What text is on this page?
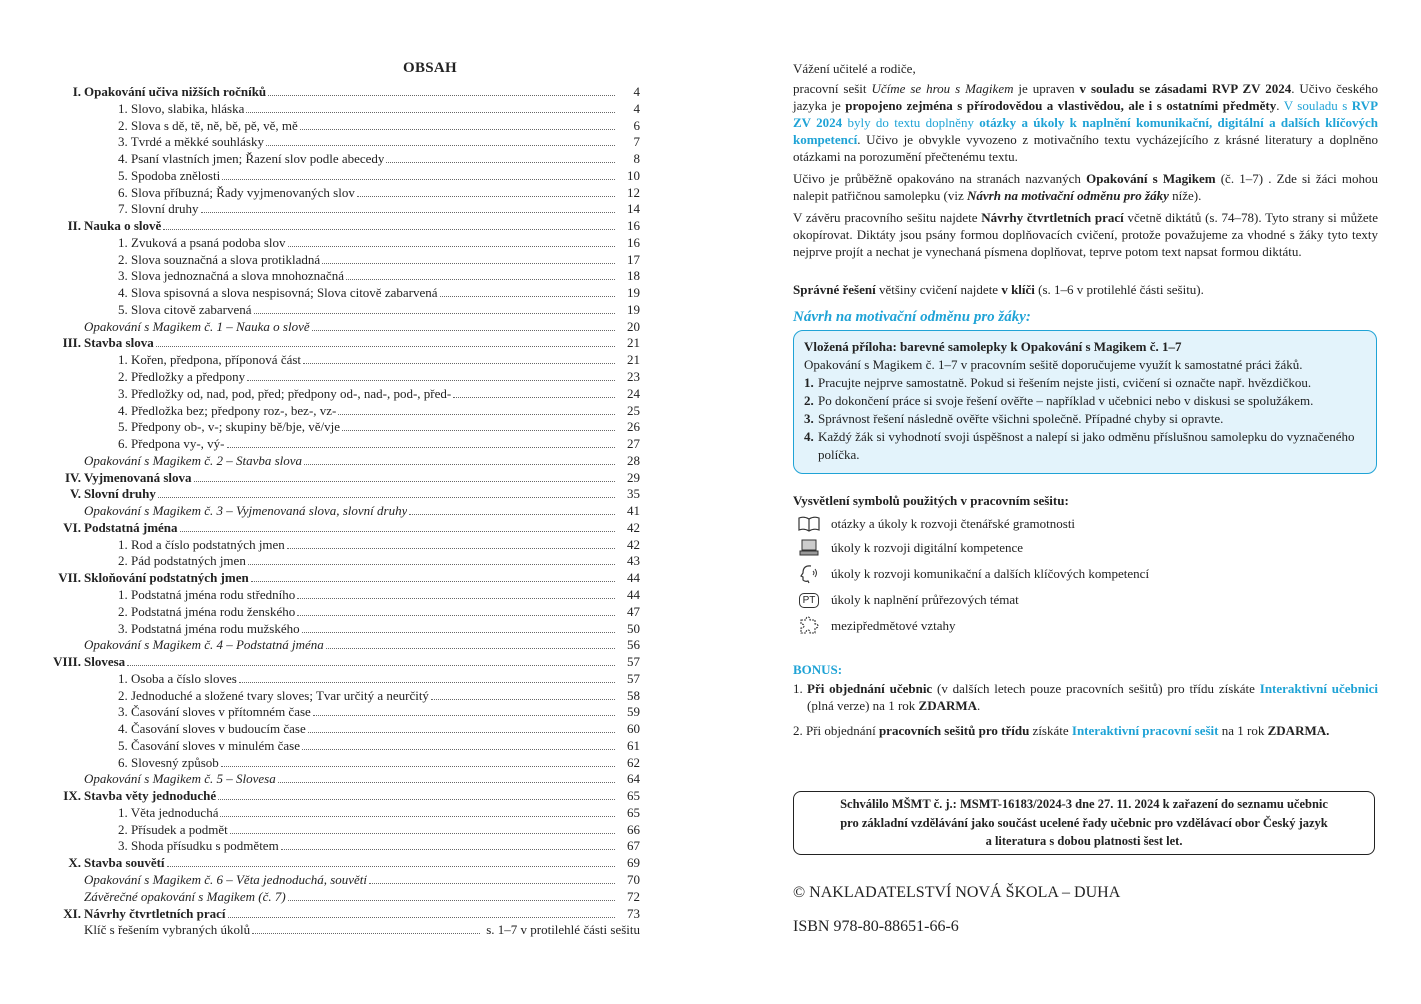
OBSAH
I. Opakování učiva nižších ročníků	4
1. Slovo, slabika, hláska	4
2. Slova s dě, tě, ně, bě, pě, vě, mě	6
3. Tvrdé a měkké souhlásky	7
4. Psaní vlastních jmen; Řazení slov podle abecedy	8
5. Spodoba znělosti	10
6. Slova příbuzná; Řady vyjmenovaných slov	12
7. Slovní druhy	14
II. Nauka o slově	16
1. Zvuková a psaná podoba slov	16
2. Slova souznačná a slova protikladná	17
3. Slova jednoznačná a slova mnohoznačná	18
4. Slova spisovná a slova nespisovná; Slova citově zabarvená	19
5. Slova citově zabarvená	19
Opakování s Magikem č. 1 – Nauka o slově	20
III. Stavba slova	21
1. Kořen, předpona, příponová část	21
2. Předložky a předpony	23
3. Předložky od, nad, pod, před; předpony od-, nad-, pod-, před-	24
4. Předložka bez; předpony roz-, bez-, vz-	25
5. Předpony ob-, v-; skupiny bě/bje, vě/vje	26
6. Předpona vy-, vý-	27
Opakování s Magikem č. 2 – Stavba slova	28
IV. Vyjmenovaná slova	29
V. Slovní druhy	35
Opakování s Magikem č. 3 – Vyjmenovaná slova, slovní druhy	41
VI. Podstatná jména	42
1. Rod a číslo podstatných jmen	42
2. Pád podstatných jmen	43
VII. Skloňování podstatných jmen	44
1. Podstatná jména rodu středního	44
2. Podstatná jména rodu ženského	47
3. Podstatná jména rodu mužského	50
Opakování s Magikem č. 4 – Podstatná jména	56
VIII. Slovesa	57
1. Osoba a číslo sloves	57
2. Jednoduché a složené tvary sloves; Tvar určitý a neurčitý	58
3. Časování sloves v přítomném čase	59
4. Časování sloves v budoucím čase	60
5. Časování sloves v minulém čase	61
6. Slovesný způsob	62
Opakování s Magikem č. 5 – Slovesa	64
IX. Stavba věty jednoduché	65
1. Věta jednoduchá	65
2. Přísudek a podmět	66
3. Shoda přísudku s podmětem	67
X. Stavba souvětí	69
Opakování s Magikem č. 6 – Věta jednoduchá, souvětí	70
Závěrečné opakování s Magikem (č. 7)	72
XI. Návrhy čtvrtletních prací	73
Klíč s řešením vybraných úkolů	s. 1–7 v protilehlé části sešitu
Vážení učitelé a rodiče,
pracovní sešit Učíme se hrou s Magikem je upraven v souladu se zásadami RVP ZV 2024. Učivo českého jazyka je propojeno zejména s přírodovědou a vlastivědou, ale i s ostatními předměty. V souladu s RVP ZV 2024 byly do textu doplněny otázky a úkoly k naplnění komunikační, digitální a dalších klíčových kompetencí. Učivo je obvykle vyvozeno z motivačního textu vycházejícího z krásné literatury a doplněno otázkami na porozumění přečtenému textu.
Učivo je průběžně opakováno na stranách nazvaných Opakování s Magikem (č. 1–7) . Zde si žáci mohou nalepit patřičnou samolepku (viz Návrh na motivační odměnu pro žáky níže).
V závěru pracovního sešitu najdete Návrhy čtvrtletních prací včetně diktátů (s. 74–78). Tyto strany si můžete okopírovat. Diktáty jsou psány formou doplňovacích cvičení, protože považujeme za vhodné s žáky tyto texty nejprve projít a nechat je vynechaná písmena doplňovat, teprve potom text napsat formou diktátu.
Správné řešení většiny cvičení najdete v klíči (s. 1–6 v protilehlé části sešitu).
Návrh na motivační odměnu pro žáky:
Vložená příloha: barevné samolepky k Opakování s Magikem č. 1–7
Opakování s Magikem č. 1–7 v pracovním sešitě doporučujeme využít k samostatné práci žáků.
1. Pracujte nejprve samostatně. Pokud si řešením nejste jisti, cvičení si označte např. hvězdičkou.
2. Po dokončení práce si svoje řešení ověřte – například v učebnici nebo v diskusi se spolužákem.
3. Správnost řešení následně ověřte všichni společně. Případné chyby si opravte.
4. Každý žák si vyhodnotí svoji úspěšnost a nalepí si jako odměnu příslušnou samolepku do vyznačeného políčka.
Vysvětlení symbolů použitých v pracovním sešitu:
otázky a úkoly k rozvoji čtenářské gramotnosti
úkoly k rozvoji digitální kompetence
úkoly k rozvoji komunikační a dalších klíčových kompetencí
PT	úkoly k naplnění průřezových témat
mezipředmětové vztahy
BONUS:
1. Při objednání učebnic (v dalších letech pouze pracovních sešitů) pro třídu získáte Interaktivní učebnici (plná verze) na 1 rok ZDARMA.
2. Při objednání pracovních sešitů pro třídu získáte Interaktivní pracovní sešit na 1 rok ZDARMA.
Schválilo MŠMT č. j.: MSMT-16183/2024-3 dne 27. 11. 2024 k zařazení do seznamu učebnic
pro základní vzdělávání jako součást ucelené řady učebnic pro vzdělávací obor Český jazyk
a literatura s dobou platnosti šest let.
© NAKLADATELSTVÍ NOVÁ ŠKOLA – DUHA
ISBN 978-80-88651-66-6
